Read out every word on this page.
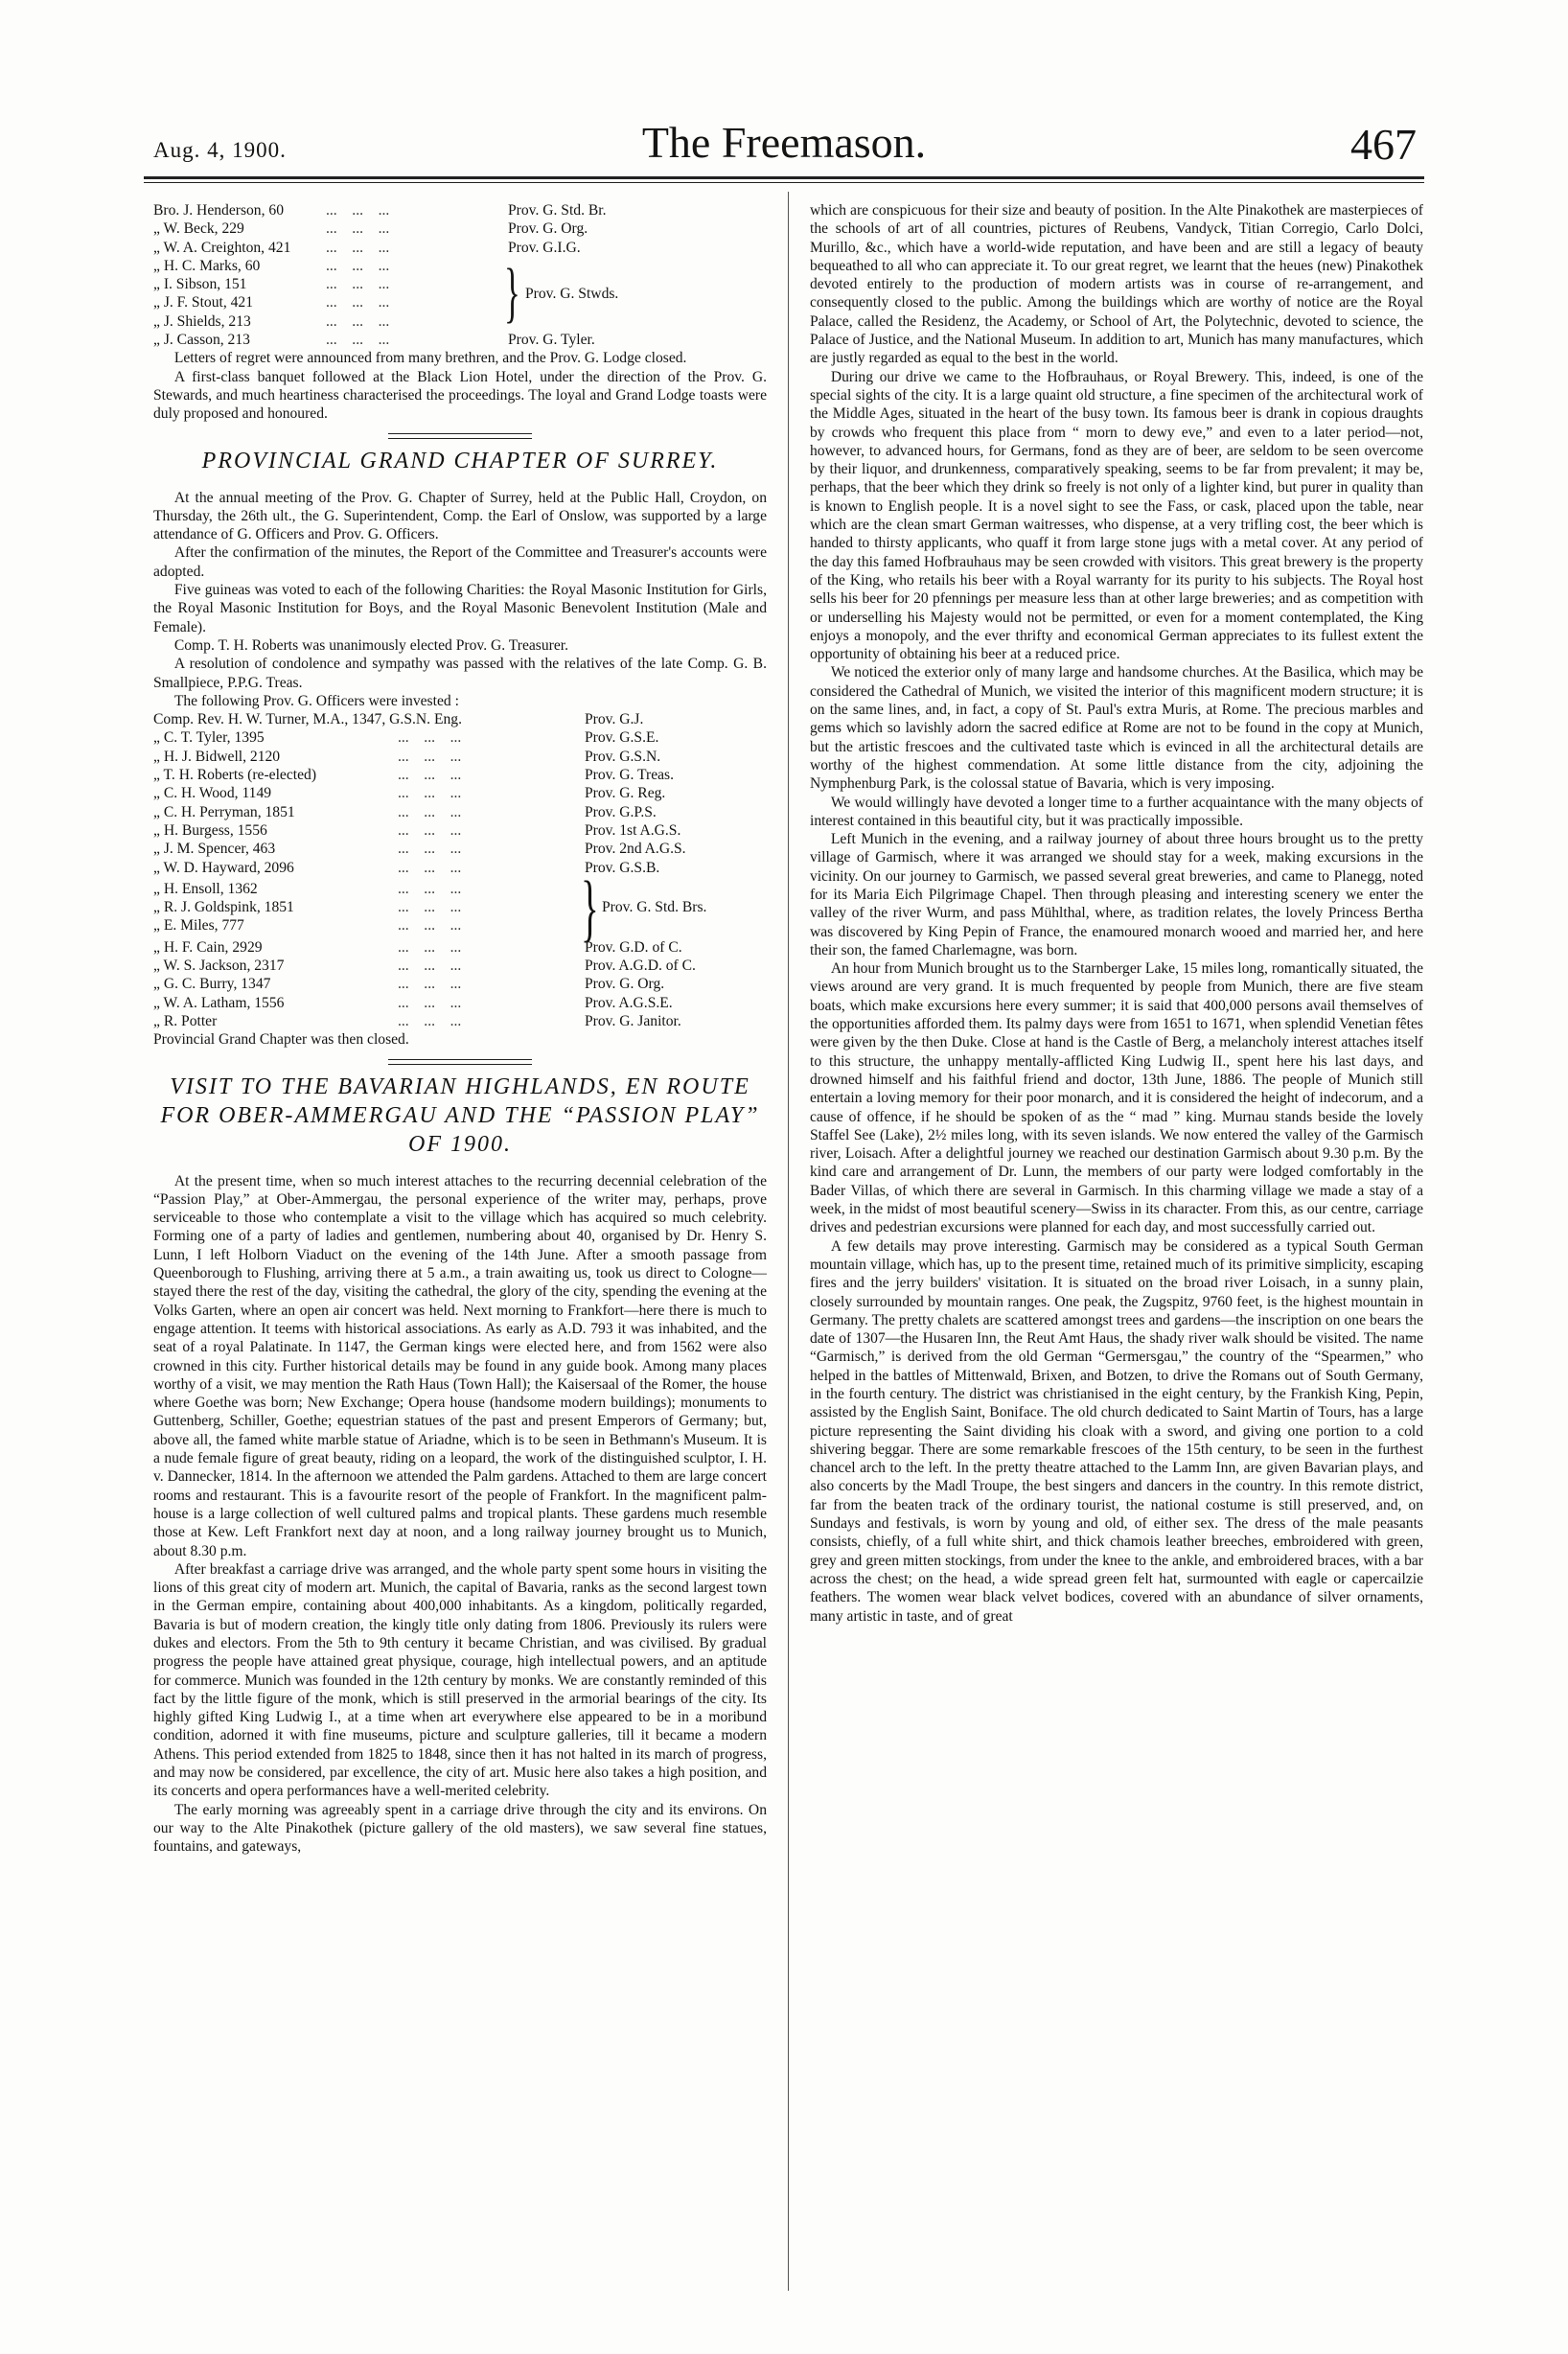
Aug. 4, 1900.	The Freemason.	467
Bro. J. Henderson, 60	...    ...    ...	Prov. G. Std. Br.
„ W. Beck, 229	...    ...    ...	Prov. G. Org.
„ W. A. Creighton, 421	...    ...    ...	Prov. G.I.G.
„ H. C. Marks, 60	...    ...    ...
„ I. Sibson, 151	...    ...    ...
„ J. F. Stout, 421	...    ...    ...
„ J. Shields, 213	...    ...    ...	} Prov. G. Stwds.
„ J. Casson, 213	...    ...    ...	Prov. G. Tyler.

Letters of regret were announced from many brethren, and the Prov. G. Lodge closed.

A first-class banquet followed at the Black Lion Hotel, under the direction of the Prov. G. Stewards, and much heartiness characterised the proceedings. The loyal and Grand Lodge toasts were duly proposed and honoured.

PROVINCIAL GRAND CHAPTER OF SURREY.

At the annual meeting of the Prov. G. Chapter of Surrey, held at the Public Hall, Croydon, on Thursday, the 26th ult., the G. Superintendent, Comp. the Earl of Onslow, was supported by a large attendance of G. Officers and Prov. G. Officers.

After the confirmation of the minutes, the Report of the Committee and Treasurer's accounts were adopted.

Five guineas was voted to each of the following Charities: the Royal Masonic Institution for Girls, the Royal Masonic Institution for Boys, and the Royal Masonic Benevolent Institution (Male and Female).

Comp. T. H. Roberts was unanimously elected Prov. G. Treasurer.

A resolution of condolence and sympathy was passed with the relatives of the late Comp. G. B. Smallpiece, P.P.G. Treas.

The following Prov. G. Officers were invested :

Comp. Rev. H. W. Turner, M.A., 1347, G.S.N. Eng.	Prov. G.J.
„ C. T. Tyler, 1395	...    ...    ...	Prov. G.S.E.
„ H. J. Bidwell, 2120	...    ...    ...	Prov. G.S.N.
„ T. H. Roberts (re-elected)	...    ...    ...	Prov. G. Treas.
„ C. H. Wood, 1149	...    ...    ...	Prov. G. Reg.
„ C. H. Perryman, 1851	...    ...    ...	Prov. G.P.S.
„ H. Burgess, 1556	...    ...    ...	Prov. 1st A.G.S.
„ J. M. Spencer, 463	...    ...    ...	Prov. 2nd A.G.S.
„ W. D. Hayward, 2096	...    ...    ...	Prov. G.S.B.
„ H. Ensoll, 1362	...    ...    ...
„ R. J. Goldspink, 1851	...    ...    ...
„ E. Miles, 777	...    ...    ...	} Prov. G. Std. Brs.
„ H. F. Cain, 2929	...    ...    ...	Prov. G.D. of C.
„ W. S. Jackson, 2317	...    ...    ...	Prov. A.G.D. of C.
„ G. C. Burry, 1347	...    ...    ...	Prov. G. Org.
„ W. A. Latham, 1556	...    ...    ...	Prov. A.G.S.E.
„ R. Potter	...    ...    ...	Prov. G. Janitor.

Provincial Grand Chapter was then closed.

VISIT TO THE BAVARIAN HIGHLANDS, EN ROUTE FOR OBER-AMMERGAU AND THE “PASSION PLAY” OF 1900.

At the present time, when so much interest attaches to the recurring decennial celebration of the “Passion Play,” at Ober-Ammergau, the personal experience of the writer may, perhaps, prove serviceable to those who contemplate a visit to the village which has acquired so much celebrity. Forming one of a party of ladies and gentlemen, numbering about 40, organised by Dr. Henry S. Lunn, I left Holborn Viaduct on the evening of the 14th June. After a smooth passage from Queenborough to Flushing, arriving there at 5 a.m., a train awaiting us, took us direct to Cologne—stayed there the rest of the day, visiting the cathedral, the glory of the city, spending the evening at the Volks Garten, where an open air concert was held. Next morning to Frankfort—here there is much to engage attention. It teems with historical associations. As early as A.D. 793 it was inhabited, and the seat of a royal Palatinate. In 1147, the German kings were elected here, and from 1562 were also crowned in this city. Further historical details may be found in any guide book. Among many places worthy of a visit, we may mention the Rath Haus (Town Hall); the Kaisersaal of the Romer, the house where Goethe was born; New Exchange; Opera house (handsome modern buildings); monuments to Guttenberg, Schiller, Goethe; equestrian statues of the past and present Emperors of Germany; but, above all, the famed white marble statue of Ariadne, which is to be seen in Bethmann's Museum. It is a nude female figure of great beauty, riding on a leopard, the work of the distinguished sculptor, I. H. v. Dannecker, 1814. In the afternoon we attended the Palm gardens. Attached to them are large concert rooms and restaurant. This is a favourite resort of the people of Frankfort. In the magnificent palm-house is a large collection of well cultured palms and tropical plants. These gardens much resemble those at Kew. Left Frankfort next day at noon, and a long railway journey brought us to Munich, about 8.30 p.m.

After breakfast a carriage drive was arranged, and the whole party spent some hours in visiting the lions of this great city of modern art. Munich, the capital of Bavaria, ranks as the second largest town in the German empire, containing about 400,000 inhabitants. As a kingdom, politically regarded, Bavaria is but of modern creation, the kingly title only dating from 1806. Previously its rulers were dukes and electors. From the 5th to 9th century it became Christian, and was civilised. By gradual progress the people have attained great physique, courage, high intellectual powers, and an aptitude for commerce. Munich was founded in the 12th century by monks. We are constantly reminded of this fact by the little figure of the monk, which is still preserved in the armorial bearings of the city. Its highly gifted King Ludwig I., at a time when art everywhere else appeared to be in a moribund condition, adorned it with fine museums, picture and sculpture galleries, till it became a modern Athens. This period extended from 1825 to 1848, since then it has not halted in its march of progress, and may now be considered, par excellence, the city of art. Music here also takes a high position, and its concerts and opera performances have a well-merited celebrity.

The early morning was agreeably spent in a carriage drive through the city and its environs. On our way to the Alte Pinakothek (picture gallery of the old masters), we saw several fine statues, fountains, and gateways,

which are conspicuous for their size and beauty of position. In the Alte Pinakothek are masterpieces of the schools of art of all countries, pictures of Reubens, Vandyck, Titian Corregio, Carlo Dolci, Murillo, &c., which have a world-wide reputation, and have been and are still a legacy of beauty bequeathed to all who can appreciate it. To our great regret, we learnt that the heues (new) Pinakothek devoted entirely to the production of modern artists was in course of re-arrangement, and consequently closed to the public. Among the buildings which are worthy of notice are the Royal Palace, called the Residenz, the Academy, or School of Art, the Polytechnic, devoted to science, the Palace of Justice, and the National Museum. In addition to art, Munich has many manufactures, which are justly regarded as equal to the best in the world.

During our drive we came to the Hofbrauhaus, or Royal Brewery. This, indeed, is one of the special sights of the city. It is a large quaint old structure, a fine specimen of the architectural work of the Middle Ages, situated in the heart of the busy town. Its famous beer is drank in copious draughts by crowds who frequent this place from “ morn to dewy eve,” and even to a later period—not, however, to advanced hours, for Germans, fond as they are of beer, are seldom to be seen overcome by their liquor, and drunkenness, comparatively speaking, seems to be far from prevalent; it may be, perhaps, that the beer which they drink so freely is not only of a lighter kind, but purer in quality than is known to English people. It is a novel sight to see the Fass, or cask, placed upon the table, near which are the clean smart German waitresses, who dispense, at a very trifling cost, the beer which is handed to thirsty applicants, who quaff it from large stone jugs with a metal cover. At any period of the day this famed Hofbrauhaus may be seen crowded with visitors. This great brewery is the property of the King, who retails his beer with a Royal warranty for its purity to his subjects. The Royal host sells his beer for 20 pfennings per measure less than at other large breweries; and as competition with or underselling his Majesty would not be permitted, or even for a moment contemplated, the King enjoys a monopoly, and the ever thrifty and economical German appreciates to its fullest extent the opportunity of obtaining his beer at a reduced price.

We noticed the exterior only of many large and handsome churches. At the Basilica, which may be considered the Cathedral of Munich, we visited the interior of this magnificent modern structure; it is on the same lines, and, in fact, a copy of St. Paul's extra Muris, at Rome. The precious marbles and gems which so lavishly adorn the sacred edifice at Rome are not to be found in the copy at Munich, but the artistic frescoes and the cultivated taste which is evinced in all the architectural details are worthy of the highest commendation. At some little distance from the city, adjoining the Nymphenburg Park, is the colossal statue of Bavaria, which is very imposing.

We would willingly have devoted a longer time to a further acquaintance with the many objects of interest contained in this beautiful city, but it was practically impossible.

Left Munich in the evening, and a railway journey of about three hours brought us to the pretty village of Garmisch, where it was arranged we should stay for a week, making excursions in the vicinity. On our journey to Garmisch, we passed several great breweries, and came to Planegg, noted for its Maria Eich Pilgrimage Chapel. Then through pleasing and interesting scenery we enter the valley of the river Wurm, and pass Mühlthal, where, as tradition relates, the lovely Princess Bertha was discovered by King Pepin of France, the enamoured monarch wooed and married her, and here their son, the famed Charlemagne, was born.

An hour from Munich brought us to the Starnberger Lake, 15 miles long, romantically situated, the views around are very grand. It is much frequented by people from Munich, there are five steam boats, which make excursions here every summer; it is said that 400,000 persons avail themselves of the opportunities afforded them. Its palmy days were from 1651 to 1671, when splendid Venetian fêtes were given by the then Duke. Close at hand is the Castle of Berg, a melancholy interest attaches itself to this structure, the unhappy mentally-afflicted King Ludwig II., spent here his last days, and drowned himself and his faithful friend and doctor, 13th June, 1886. The people of Munich still entertain a loving memory for their poor monarch, and it is considered the height of indecorum, and a cause of offence, if he should be spoken of as the “ mad ” king. Murnau stands beside the lovely Staffel See (Lake), 2½ miles long, with its seven islands. We now entered the valley of the Garmisch river, Loisach. After a delightful journey we reached our destination Garmisch about 9.30 p.m. By the kind care and arrangement of Dr. Lunn, the members of our party were lodged comfortably in the Bader Villas, of which there are several in Garmisch. In this charming village we made a stay of a week, in the midst of most beautiful scenery—Swiss in its character. From this, as our centre, carriage drives and pedestrian excursions were planned for each day, and most successfully carried out.

A few details may prove interesting. Garmisch may be considered as a typical South German mountain village, which has, up to the present time, retained much of its primitive simplicity, escaping fires and the jerry builders' visitation. It is situated on the broad river Loisach, in a sunny plain, closely surrounded by mountain ranges. One peak, the Zugspitz, 9760 feet, is the highest mountain in Germany. The pretty chalets are scattered amongst trees and gardens—the inscription on one bears the date of 1307—the Husaren Inn, the Reut Amt Haus, the shady river walk should be visited. The name “Garmisch,” is derived from the old German “Germersgau,” the country of the “Spearmen,” who helped in the battles of Mittenwald, Brixen, and Botzen, to drive the Romans out of South Germany, in the fourth century. The district was christianised in the eight century, by the Frankish King, Pepin, assisted by the English Saint, Boniface. The old church dedicated to Saint Martin of Tours, has a large picture representing the Saint dividing his cloak with a sword, and giving one portion to a cold shivering beggar. There are some remarkable frescoes of the 15th century, to be seen in the furthest chancel arch to the left. In the pretty theatre attached to the Lamm Inn, are given Bavarian plays, and also concerts by the Madl Troupe, the best singers and dancers in the country. In this remote district, far from the beaten track of the ordinary tourist, the national costume is still preserved, and, on Sundays and festivals, is worn by young and old, of either sex. The dress of the male peasants consists, chiefly, of a full white shirt, and thick chamois leather breeches, embroidered with green, grey and green mitten stockings, from under the knee to the ankle, and embroidered braces, with a bar across the chest; on the head, a wide spread green felt hat, surmounted with eagle or capercailzie feathers. The women wear black velvet bodices, covered with an abundance of silver ornaments, many artistic in taste, and of great
